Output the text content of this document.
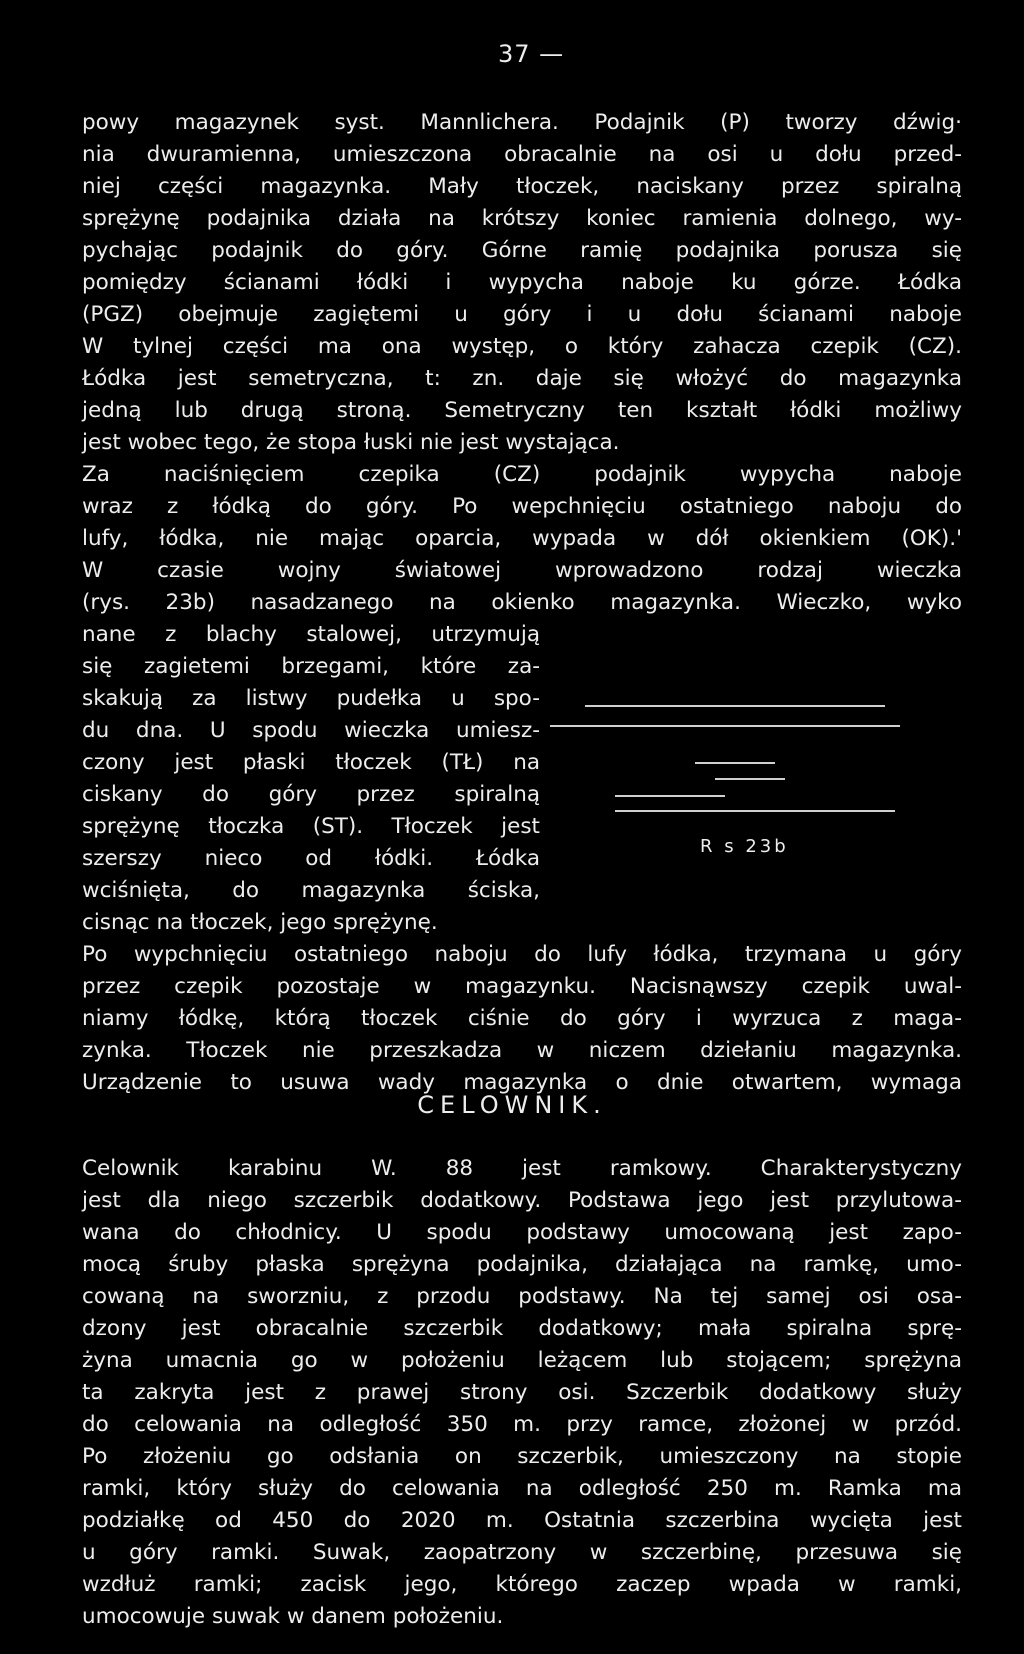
37 —
powy magazynek syst. Mannlichera. Podajnik (P) tworzy dźwig·
nia dwuramienna, umieszczona obracalnie na osi u dołu przed-
niej części magazynka. Mały tłoczek, naciskany przez spiralną
sprężynę podajnika działa na krótszy koniec ramienia dolnego, wy-
pychając podajnik do góry. Górne ramię podajnika porusza się
pomiędzy ścianami łódki i wypycha naboje ku górze. Łódka
(PGZ) obejmuje zagiętemi u góry i u dołu ścianami naboje
W tylnej części ma ona występ, o który zahacza czepik (CZ).
Łódka jest semetryczna, t: zn. daje się włożyć do magazynka
jedną lub drugą stroną. Semetryczny ten kształt łódki możliwy
jest wobec tego, że stopa łuski nie jest wystająca.
Za naciśnięciem czepika (CZ) podajnik wypycha naboje
wraz z łódką do góry. Po wepchnięciu ostatniego naboju do
lufy, łódka, nie mając oparcia, wypada w dół okienkiem (OK).'
W czasie wojny światowej wprowadzono rodzaj wieczka
(rys. 23b) nasadzanego na okienko magazynka. Wieczko, wyko
nane z blachy stalowej, utrzymują
się zagietemi brzegami, które za-
skakują za listwy pudełka u spo-
du dna. U spodu wieczka umiesz-
czony jest płaski tłoczek (TŁ) na
ciskany do góry przez spiralną
sprężynę tłoczka (ST). Tłoczek jest
szerszy nieco od łódki. Łódka
wciśnięta, do magazynka ściska,
cisnąc na tłoczek, jego sprężynę.
Po wypchnięciu ostatniego naboju do lufy łódka, trzymana u góry
przez czepik pozostaje w magazynku. Nacisnąwszy czepik uwal-
niamy łódkę, którą tłoczek ciśnie do góry i wyrzuca z maga-
zynka. Tłoczek nie przeszkadza w niczem dziełaniu magazynka.
Urządzenie to usuwa wady magazynka o dnie otwartem, wymaga
R s 23b
CELOWNIK.
Celownik karabinu W. 88 jest ramkowy. Charakterystyczny
jest dla niego szczerbik dodatkowy. Podstawa jego jest przylutowa-
wana do chłodnicy. U spodu podstawy umocowaną jest zapo-
mocą śruby płaska sprężyna podajnika, działająca na ramkę, umo-
cowaną na sworzniu, z przodu podstawy. Na tej samej osi osa-
dzony jest obracalnie szczerbik dodatkowy; mała spiralna sprę-
żyna umacnia go w położeniu leżącem lub stojącem; sprężyna
ta zakryta jest z prawej strony osi. Szczerbik dodatkowy służy
do celowania na odległość 350 m. przy ramce, złożonej w przód.
Po złożeniu go odsłania on szczerbik, umieszczony na stopie
ramki, który służy do celowania na odległość 250 m. Ramka ma
podziałkę od 450 do 2020 m. Ostatnia szczerbina wycięta jest
u góry ramki. Suwak, zaopatrzony w szczerbinę, przesuwa się
wzdłuż ramki; zacisk jego, którego zaczep wpada w ramki,
umocowuje suwak w danem położeniu.
